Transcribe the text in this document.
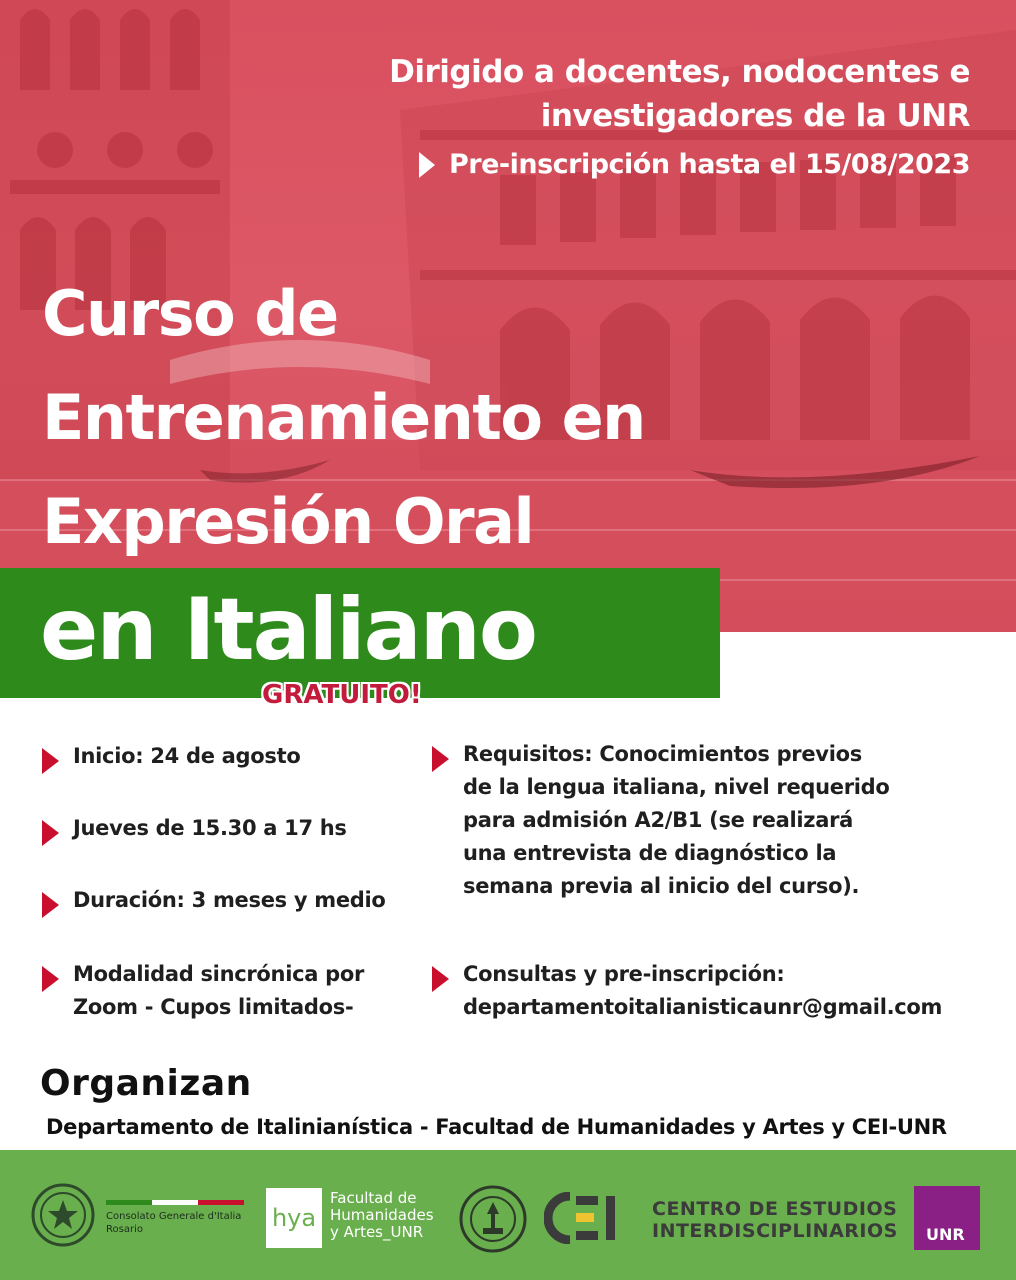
Dirigido a docentes, nodocentes e
investigadores de la UNR
Pre-inscripción hasta el 15/08/2023
Curso de
Entrenamiento en
Expresión Oral
en Italiano
GRATUITO!
Inicio: 24 de agosto
Jueves de 15.30 a 17 hs
Duración: 3 meses y medio
Modalidad sincrónica por
Zoom - Cupos limitados-
Requisitos: Conocimientos previos
de la lengua italiana, nivel requerido
para admisión A2/B1 (se realizará
una entrevista de diagnóstico la
semana previa al inicio del curso).
Consultas y pre-inscripción:
departamentoitalianisticaunr@gmail.com
Organizan
Departamento de Italinianística - Facultad de Humanidades y Artes y CEI-UNR
Consolato Generale d'Italia
Rosario	hya
Facultad de
Humanidades
y Artes_UNR
CENTRO DE ESTUDIOS
INTERDISCIPLINARIOS UNR
